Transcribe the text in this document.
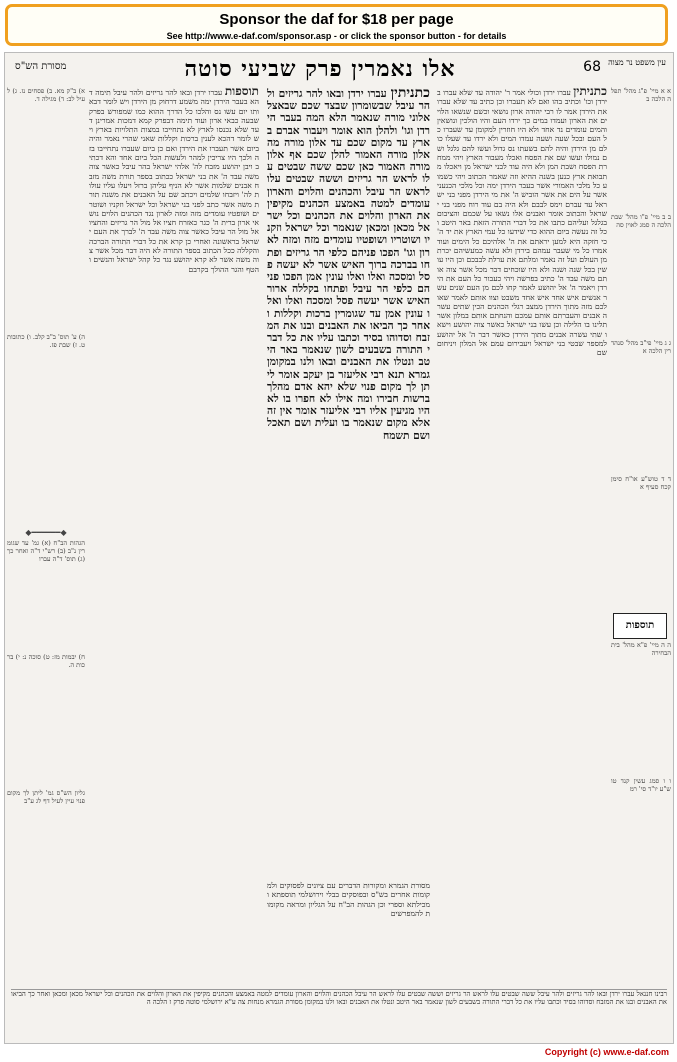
Sponsor the daf for $18 per page
See http://www.e-daf.com/sponsor.asp - or click the sponsor button - for details
עין משפט נר מצוה
68
אלו נאמרין פרק שביעי סוטה
מסורת הש"ס
א א מיי' פ"ג מהל' תפלה הלכה ב
ב ב מיי' פ"ו מהל' שבת הלכה ה סמג לאוין סה
ג ג מיי' פי"ב מהל' סנהדרין הלכה א
ד ד טוש"ע או"ח סימן קכח סעיף א
ה ה מיי' פ"א מהל' בית הבחירה
ו ו סמג עשין קנד טוש"ע יו"ד סי' רמ
תוספות
כתניתין עברו ירדן וכולי אמר ר' יהודה עד שלא עברו בירדן וכו' וכתיב בהו ואם לא תעברו וכן כתיב עד שלא עברו את הירדן אמר לו רבי יהודה ארון נושאי וכשם שנשאו הלויים את הארון ועמדו במים כך ירדו העם והיו הולכין ונושאין והמים עומדים נד אחד ולא היו חוזרין למקומן עד שעברו כל העם ובכל שעה ושעה עמדו המים ולא ירדו עד שעלו כולם מן הירדן והיה להם בשעתו נס גדול ועשו להם גלגל ושם נמולו ועשו שם את הפסח ואכלו מעבור הארץ ויהי ממחרת הפסח ושבת המן ולא היה עוד לבני ישראל מן ויאכלו מתבואת ארץ כנען בשנה ההיא וזה שאמר הכתוב ויהי כשמוע כל מלכי האמורי אשר בעבר הירדן ימה וכל מלכי הכנעני אשר על הים את אשר הוביש ה' את מי הירדן מפני בני ישראל עד עברם וימס לבבם ולא היה בם עוד רוח מפני בני ישראל והכתוב אומר ואבנים אלו נשאו על שכמם והציבום בגלגל ועליהם כתבו את כל דברי התורה הזאת באר היטב וכל זה נעשה ביום ההוא כדי שידעו כל עמי הארץ את יד ה' כי חזקה היא למען יראתם את ה' אלהיכם כל הימים ועוד אמרו כל מי שעבר עמהם בירדן ולא עשה כמעשיהם יכרת מן העולם ועל זה נאמר ומלתם את ערלת לבבכם וכן היו עושין בכל שנה ושנה ולא היו שוכחים דבר מכל אשר צוה אותם משה עבד ה' כתיב בפרשה ויהי כעבור כל העם את הירדן ויאמר ה' אל יהושע לאמר קחו לכם מן העם שנים עשר אנשים איש אחד איש אחד משבט וצוו אותם לאמר שאו לכם מזה מתוך הירדן ממצב רגלי הכהנים הכין שתים עשרה אבנים והעברתם אותם עמכם והנחתם אותם במלון אשר תלינו בו הלילה וכן עשו בני ישראל כאשר צוה יהושע וישאו שתי עשרה אבנים מתוך הירדן כאשר דבר ה' אל יהושע למספר שבטי בני ישראל ויעבירום עמם אל המלון ויניחום שם
כתניתין עברו ירדן ובאו להר גריזים ולהר עיבל שבשומרון שבצד שכם שבאצל אלוני מורה שנאמר הלא המה בעבר הירדן וגו' ולהלן הוא אומר ויעבור אברם בארץ עד מקום שכם עד אלון מורה מה אלון מורה האמור להלן שכם אף אלון מורה האמור כאן שכם ששה שבטים עלו לראש הר גריזים וששה שבטים עלו לראש הר עיבל והכהנים והלוים והארון עומדים למטה באמצע הכהנים מקיפין את הארון והלוים את הכהנים וכל ישראל מכאן ומכאן שנאמר וכל ישראל וזקניו ושוטריו ושופטיו עומדים מזה ומזה לארון וגו' הפכו פניהם כלפי הר גריזים ופתחו בברכה ברוך האיש אשר לא יעשה פסל ומסכה ואלו ואלו עונין אמן הפכו פניהם כלפי הר עיבל ופתחו בקללה ארור האיש אשר יעשה פסל ומסכה ואלו ואלו עונין אמן עד שגומרין ברכות וקללות ואחר כך הביאו את האבנים ובנו את המזבח וסדוהו בסיד וכתבו עליו את כל דברי התורה בשבעים לשון שנאמר באר היטב ונטלו את האבנים ובאו ולנו במקומן גמרא תנא רבי אליעזר בן יעקב אומר ליתן לך מקום פנוי שלא יהא אדם מהלך ברשות חבירו ומה אילו לא חפרו בו לא היו מגיעין אליו רבי אליעזר אומר אין זה אלא מקום שנאמר בו ועלית ושם תאכל ושם תשמח
מסורת הגמרא ומקורות הדברים עם ציונים לפסוקים ולמקומות אחרים בש"ס ובפוסקים בבלי וירושלמי תוספתא ומכילתא וספרי וכן הגהות הב"ח על הגליון ומראה מקומות להמפרשים
תוספות עברו ירדן ובאו להר גריזים ולהר עיבל תימה דהא בעבר הירדן ימה משמע דרחוק מן הירדן ויש לומר דבאותו יום עשו נס והלכו כל הדרך ההוא כמו שמפורש בפרק שבעה כבאי ארון ועוד תימה דבפרק קמא דמכות אמרינן דעד שלא נכנסו לארץ לא נתחייבו במצות התלויות בארץ ויש לומר דהכא לענין ברכות וקללות שאני שהרי נאמר והיה ביום אשר תעברו את הירדן ואם כן ביום שעברו נתחייבו בזה ולכך היו צריכין למהר ולעשות הכל ביום אחד והא דכתיב ויבן יהושע מזבח לה' אלהי ישראל בהר עיבל כאשר צוה משה עבד ה' את בני ישראל ככתוב בספר תורת משה מזבח אבנים שלמות אשר לא הניף עליהן ברזל ויעלו עליו עולות לה' ויזבחו שלמים ויכתב שם על האבנים את משנה תורת משה אשר כתב לפני בני ישראל וכל ישראל וזקניו ושוטרים ושופטיו עומדים מזה ומזה לארון נגד הכהנים הלוים נושאי ארון ברית ה' כגר כאזרח חציו אל מול הר גריזים והחציו אל מול הר עיבל כאשר צוה משה עבד ה' לברך את העם ישראל בראשונה ואחרי כן קרא את כל דברי התורה הברכה והקללה ככל הכתוב בספר התורה לא היה דבר מכל אשר צוה משה אשר לא קרא יהושע נגד כל קהל ישראל והנשים והטף והגר ההולך בקרבם
א) ב"ק מא. ב) פסחים נז. ג) לעיל לב: ד) מגילה ד.
ה) ע' תוס' ב"ב קלב. ו) כתובות ט. ז) שבת פז.
◆━━━━━━◆
הגהות הב"ח (א) גמ' עד שגומרין נ"ב (ב) רש"י ד"ה ואחר כך (ג) תוס' ד"ה עברו
ח) יבמות מז: ט) סוכה נ: י) ברכות ה.
גליון הש"ס גמ' ליתן לך מקום פנוי עיין לעיל דף לג ע"ב
רבינו חננאל עברו ירדן ובאו להר גריזים ולהר עיבל ששה שבטים עלו לראש הר גריזים וששה שבטים עלו לראש הר עיבל הכהנים והלוים והארון עומדים למטה באמצע והכהנים מקיפין את הארון והלוים את הכהנים וכל ישראל מכאן ומכאן ואחר כך הביאו את האבנים ובנו את המזבח וסדוהו בסיד וכתבו עליו את כל דברי התורה בשבעים לשון שנאמר באר היטב ונטלו את האבנים ובאו ולנו במקומן מסורת הגמרא מנחות צה ע"א ירושלמי סוטה פרק ז הלכה ה
Copyright (c) www.e-daf.com
